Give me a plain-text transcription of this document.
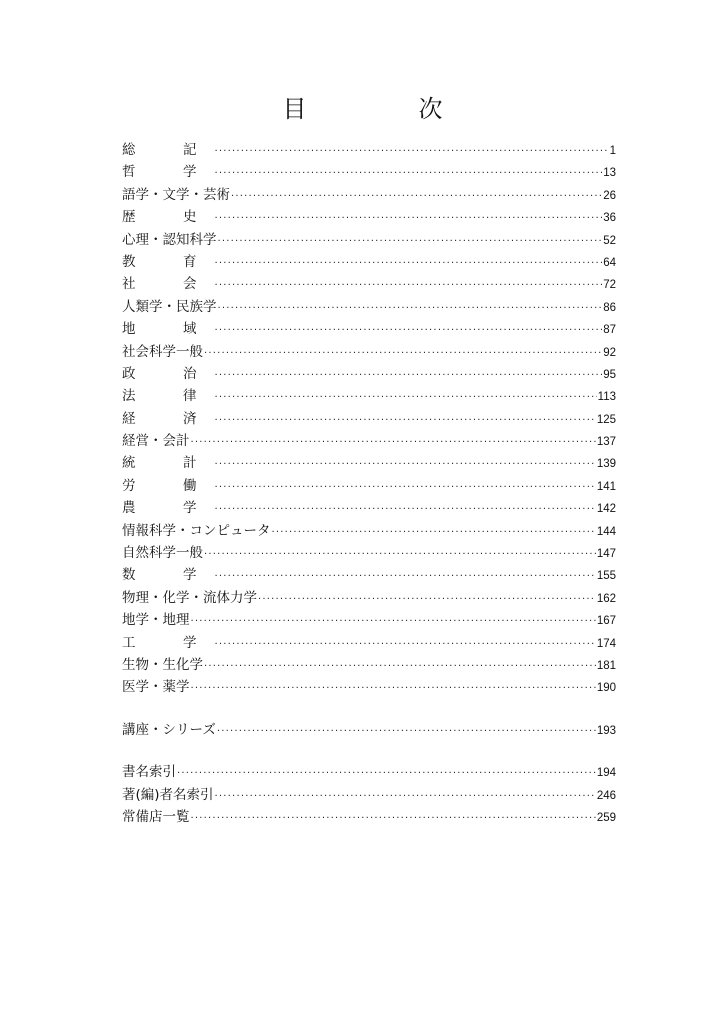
目　次
総　記 ·····	1
哲　学 ·····	13
語学・文学・芸術 ·····	26
歴　史 ·····	36
心理・認知科学 ·····	52
教　育 ·····	64
社　会 ·····	72
人類学・民族学 ·····	86
地　域 ·····	87
社会科学一般 ·····	92
政　治 ·····	95
法　律 ·····	113
経　済 ·····	125
経営・会計 ·····	137
統　計 ·····	139
労　働 ·····	141
農　学 ·····	142
情報科学・コンピュータ ·····	144
自然科学一般 ·····	147
数　学 ·····	155
物理・化学・流体力学 ·····	162
地学・地理 ·····	167
工　学 ·····	174
生物・生化学 ·····	181
医学・薬学 ·····	190
講座・シリーズ ·····	193
書名索引 ·····	194
著(編)者名索引 ·····	246
常備店一覧 ·····	259
